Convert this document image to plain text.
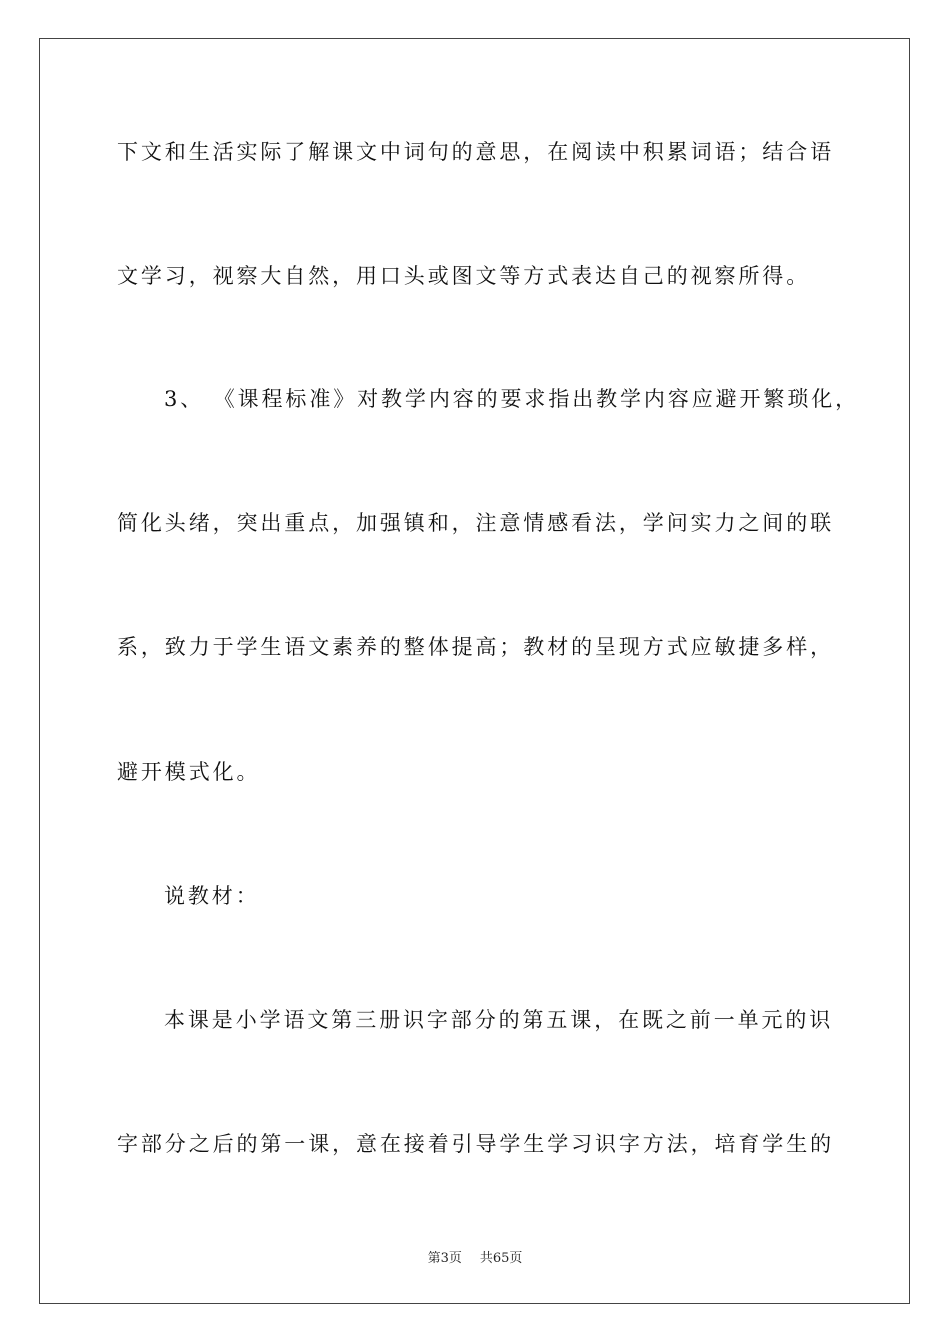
下文和生活实际了解课文中词句的意思，在阅读中积累词语；结合语
文学习，视察大自然，用口头或图文等方式表达自己的视察所得。
3、 《课程标准》对教学内容的要求指出教学内容应避开繁琐化，
简化头绪，突出重点，加强镇和，注意情感看法，学问实力之间的联
系，致力于学生语文素养的整体提高；教材的呈现方式应敏捷多样，
避开模式化。
说教材：
本课是小学语文第三册识字部分的第五课，在既之前一单元的识
字部分之后的第一课，意在接着引导学生学习识字方法，培育学生的
第3页 共65页
